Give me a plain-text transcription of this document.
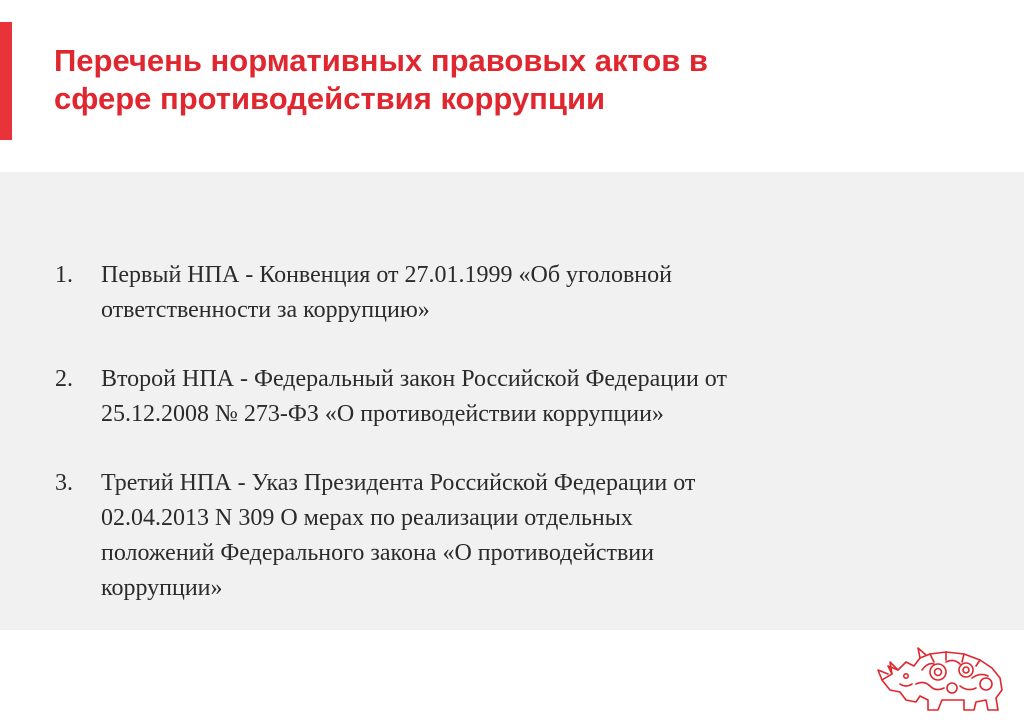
Перечень нормативных правовых актов в
сфере противодействия коррупции
1.	Первый НПА - Конвенция от 27.01.1999 «Об уголовной
ответственности за коррупцию»
2.	Второй НПА - Федеральный закон Российской Федерации от
25.12.2008 № 273-ФЗ «О противодействии коррупции»
3.	Третий НПА - Указ Президента Российской Федерации от
02.04.2013 N 309 О мерах по реализации отдельных
положений Федерального закона «О противодействии
коррупции»
